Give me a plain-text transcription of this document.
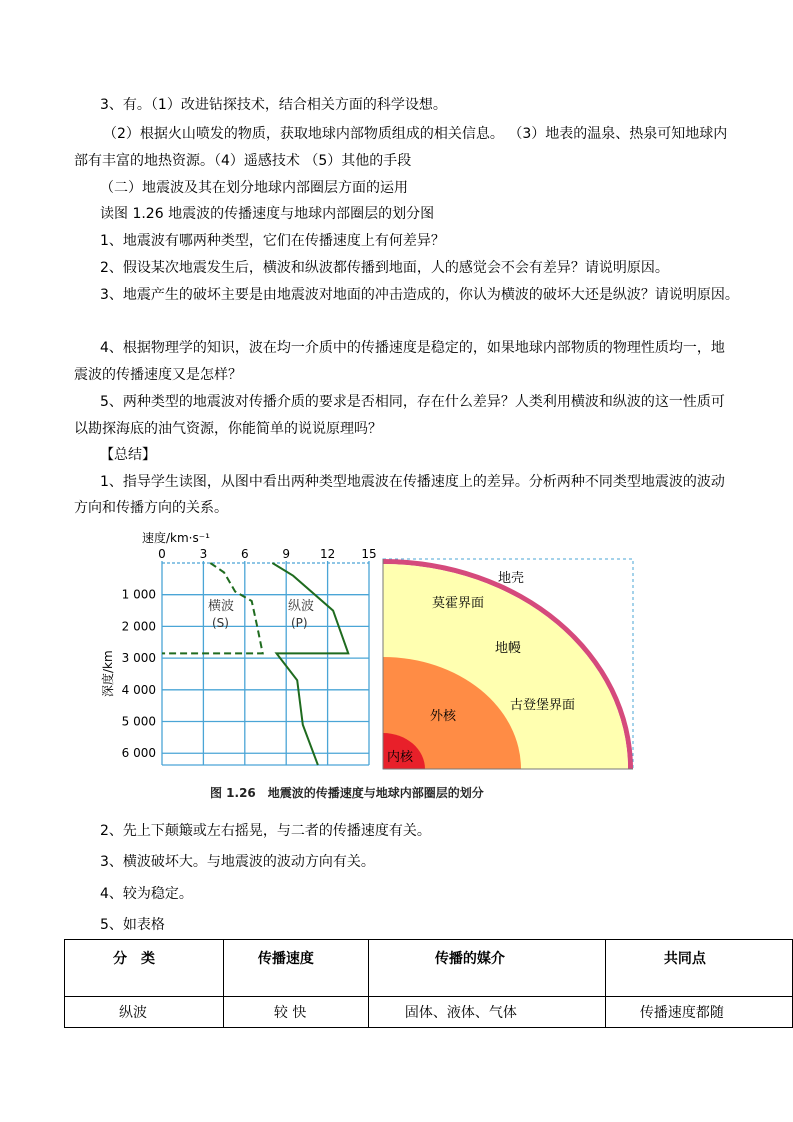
3、有。（1）改进钻探技术，结合相关方面的科学设想。
（2）根据火山喷发的物质，获取地球内部物质组成的相关信息。 （3）地表的温泉、热泉可知地球内
部有丰富的地热资源。（4）遥感技术 （5）其他的手段
（二）地震波及其在划分地球内部圈层方面的运用
读图 1.26 地震波的传播速度与地球内部圈层的划分图
1、地震波有哪两种类型，它们在传播速度上有何差异？
2、假设某次地震发生后，横波和纵波都传播到地面，人的感觉会不会有差异？请说明原因。
3、地震产生的破坏主要是由地震波对地面的冲击造成的，你认为横波的破坏大还是纵波？请说明原因。
4、根据物理学的知识，波在均一介质中的传播速度是稳定的，如果地球内部物质的物理性质均一，地
震波的传播速度又是怎样？
5、两种类型的地震波对传播介质的要求是否相同，存在什么差异？人类利用横波和纵波的这一性质可
以勘探海底的油气资源，你能简单的说说原理吗？
【总结】
1、指导学生读图，从图中看出两种类型地震波在传播速度上的差异。分析两种不同类型地震波的波动
方向和传播方向的关系。
速度/km·s⁻¹
0	3	6	9 12 15
1 000
2 000
3 000
4 000
5 000
6 000
深度/km
横波
(S)
纵波
(P)
地壳
莫霍界面
地幔
古登堡界面
外核
内核
图 1.26　地震波的传播速度与地球内部圈层的划分
2、先上下颠簸或左右摇晃，与二者的传播速度有关。
3、横波破坏大。与地震波的波动方向有关。
4、较为稳定。
5、如表格
分　类	传播速度	传播的媒介	共同点
纵波	较 快	固体、液体、气体	传播速度都随
